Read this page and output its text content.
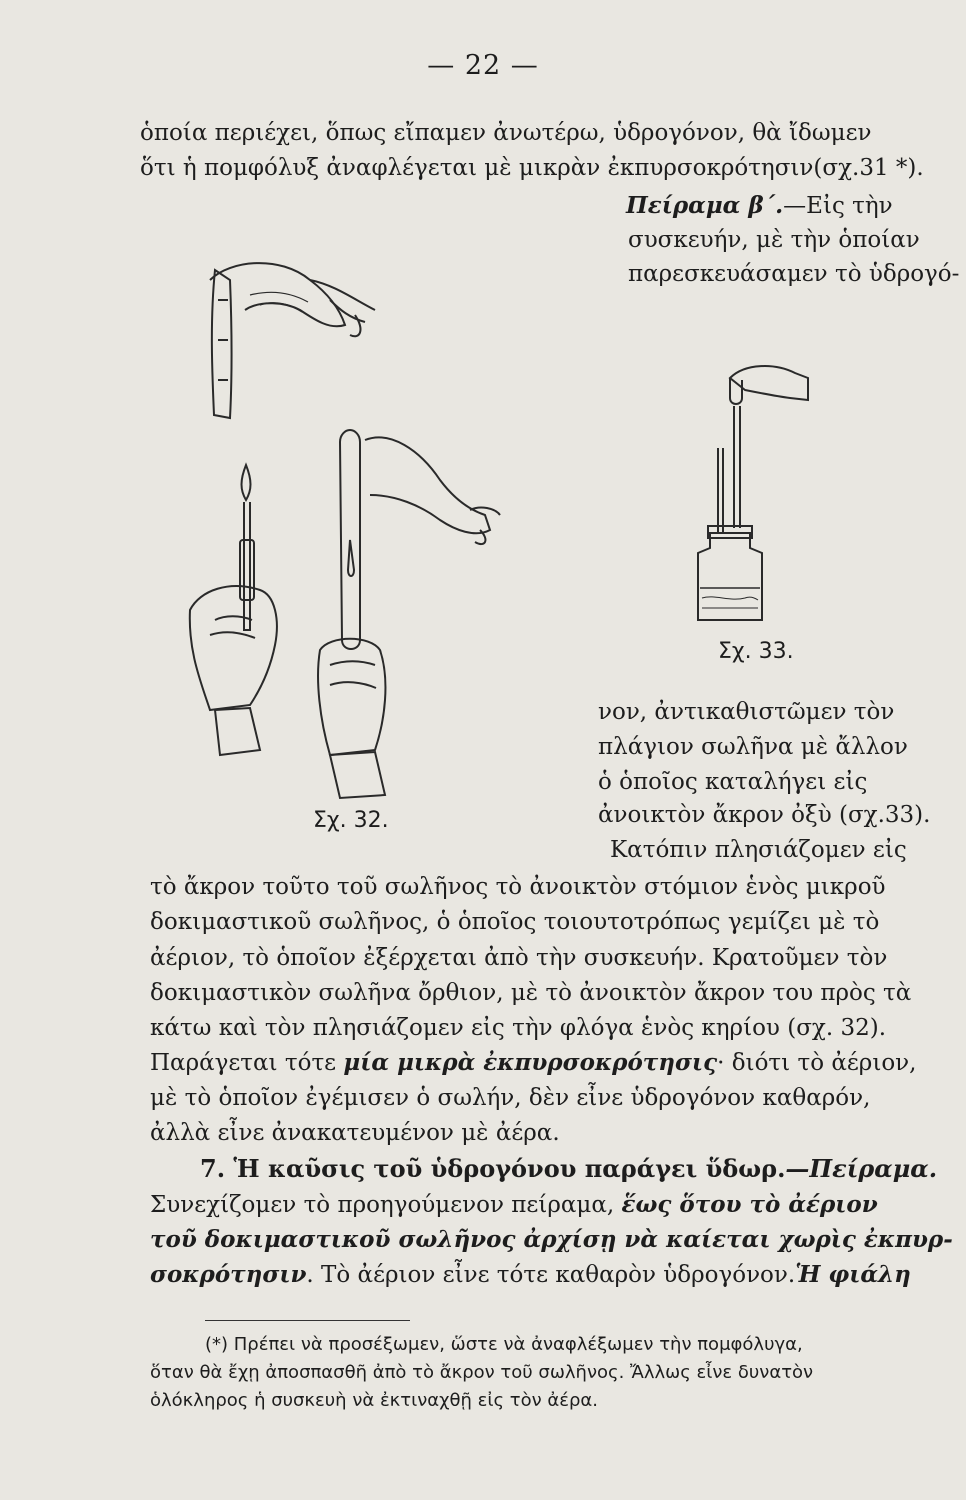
— 22 —
ὁποία περιέχει, ὅπως εἴπαμεν ἀνωτέρω, ὑδρογόνον, θὰ ἴδωμεν
ὅτι ἡ πομφόλυξ ἀναφλέγεται μὲ μικρὰν ἐκπυρσοκρότησιν(σχ.31 *).
Πείραμα β΄.—Εἰς τὴν
συσκευήν, μὲ τὴν ὁποίαν
παρεσκευάσαμεν τὸ ὑδρογό-
Σχ. 32.
Σχ. 33.
νον, ἀντικαθιστῶμεν τὸν
πλάγιον σωλῆνα μὲ ἄλλον
ὁ ὁποῖος καταλήγει εἰς
ἀνοικτὸν ἄκρον ὀξὺ (σχ.33).
Κατόπιν πλησιάζομεν εἰς
τὸ ἄκρον τοῦτο τοῦ σωλῆνος τὸ ἀνοικτὸν στόμιον ἑνὸς μικροῦ
δοκιμαστικοῦ σωλῆνος, ὁ ὁποῖος τοιουτοτρόπως γεμίζει μὲ τὸ
ἀέριον, τὸ ὁποῖον ἐξέρχεται ἀπὸ τὴν συσκευήν. Κρατοῦμεν τὸν
δοκιμαστικὸν σωλῆνα ὄρθιον, μὲ τὸ ἀνοικτὸν ἄκρον του πρὸς τὰ
κάτω καὶ τὸν πλησιάζομεν εἰς τὴν φλόγα ἑνὸς κηρίου (σχ. 32).
Παράγεται τότε μία μικρὰ ἐκπυρσοκρότησις· διότι τὸ ἀέριον,
μὲ τὸ ὁποῖον ἐγέμισεν ὁ σωλήν, δὲν εἶνε ὑδρογόνον καθαρόν,
ἀλλὰ εἶνε ἀνακατευμένον μὲ ἀέρα.
7. Ἡ καῦσις τοῦ ὑδρογόνου παράγει ὕδωρ.—Πείραμα.
Συνεχίζομεν τὸ προηγούμενον πείραμα, ἕως ὅτου τὸ ἀέριον
τοῦ δοκιμαστικοῦ σωλῆνος ἀρχίσῃ νὰ καίεται χωρὶς ἐκπυρ-
σοκρότησιν. Τὸ ἀέριον εἶνε τότε καθαρὸν ὑδρογόνον.Ἡ φιάλη
(*) Πρέπει νὰ προσέξωμεν, ὥστε νὰ ἀναφλέξωμεν τὴν πομφόλυγα,
ὅταν θὰ ἔχῃ ἀποσπασθῆ ἀπὸ τὸ ἄκρον τοῦ σωλῆνος. Ἄλλως εἶνε δυνατὸν
ὁλόκληρος ἡ συσκευὴ νὰ ἐκτιναχθῇ εἰς τὸν ἀέρα.
